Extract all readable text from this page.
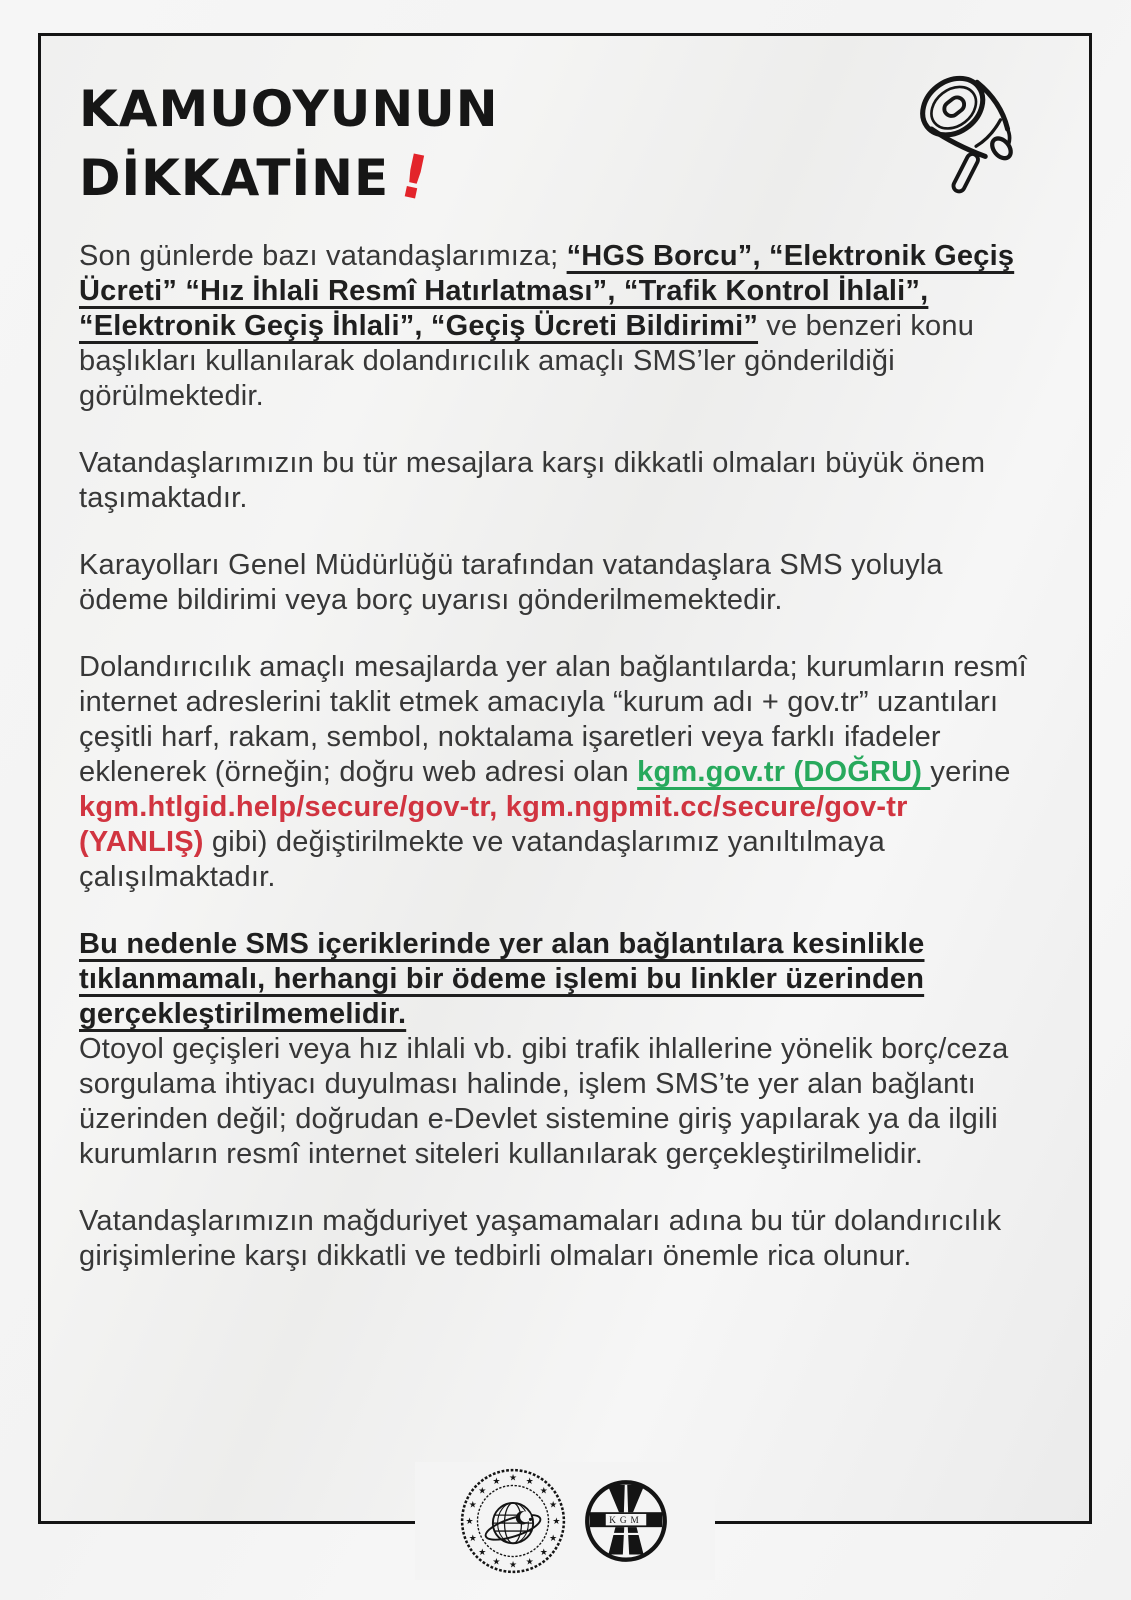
KAMUOYUNUN
DİKKATİNE!

Son günlerde bazı vatandaşlarımıza; “HGS Borcu”, “Elektronik Geçiş Ücreti” “Hız İhlali Resmî Hatırlatması”, “Trafik Kontrol İhlali”, “Elektronik Geçiş İhlali”, “Geçiş Ücreti Bildirimi” ve benzeri konu başlıkları kullanılarak dolandırıcılık amaçlı SMS’ler gönderildiği görülmektedir.

Vatandaşlarımızın bu tür mesajlara karşı dikkatli olmaları büyük önem taşımaktadır.

Karayolları Genel Müdürlüğü tarafından vatandaşlara SMS yoluyla ödeme bildirimi veya borç uyarısı gönderilmemektedir.

Dolandırıcılık amaçlı mesajlarda yer alan bağlantılarda; kurumların resmî internet adreslerini taklit etmek amacıyla “kurum adı + gov.tr” uzantıları çeşitli harf, rakam, sembol, noktalama işaretleri veya farklı ifadeler eklenerek (örneğin; doğru web adresi olan kgm.gov.tr (DOĞRU) yerine kgm.htlgid.help/secure/gov-tr, kgm.ngpmit.cc/secure/gov-tr (YANLIŞ) gibi) değiştirilmekte ve vatandaşlarımız yanıltılmaya çalışılmaktadır.

Bu nedenle SMS içeriklerinde yer alan bağlantılara kesinlikle tıklanmamalı, herhangi bir ödeme işlemi bu linkler üzerinden gerçekleştirilmemelidir.

Otoyol geçişleri veya hız ihlali vb. gibi trafik ihlallerine yönelik borç/ceza sorgulama ihtiyacı duyulması halinde, işlem SMS’te yer alan bağlantı üzerinden değil; doğrudan e-Devlet sistemine giriş yapılarak ya da ilgili kurumların resmî internet siteleri kullanılarak gerçekleştirilmelidir.

Vatandaşlarımızın mağduriyet yaşamamaları adına bu tür dolandırıcılık girişimlerine karşı dikkatli ve tedbirli olmaları önemle rica olunur.

★
★
★
★
★
★
★
★
★
★
★
★ ★ ★
★
★
KGM
